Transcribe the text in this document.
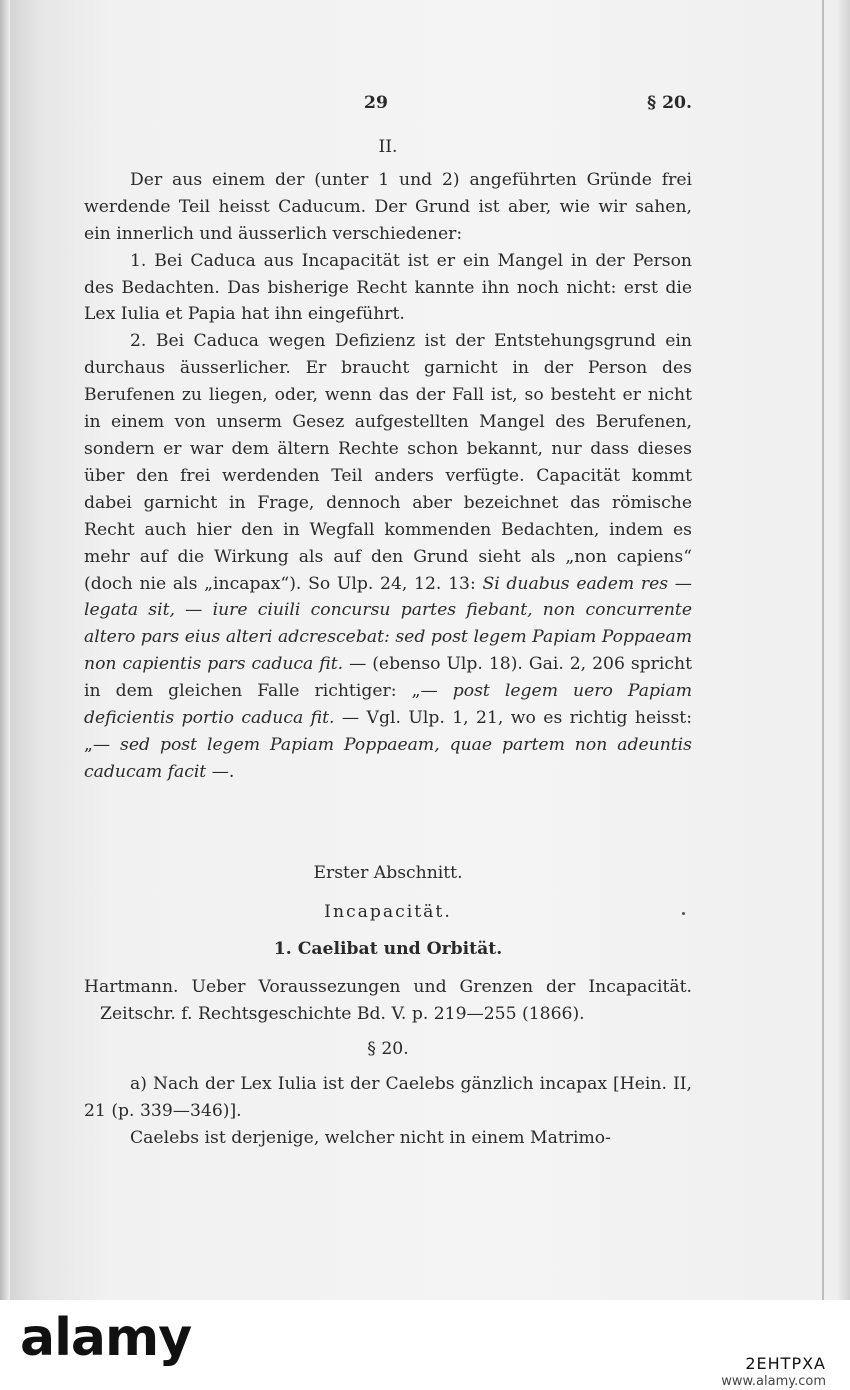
29	§ 20.
II.

Der aus einem der (unter 1 und 2) angeführten Gründe frei werdende Teil heisst Caducum. Der Grund ist aber, wie wir sahen, ein innerlich und äusserlich verschiedener:

1. Bei Caduca aus Incapacität ist er ein Mangel in der Person des Bedachten. Das bisherige Recht kannte ihn noch nicht: erst die Lex Iulia et Papia hat ihn eingeführt.

2. Bei Caduca wegen Defizienz ist der Entstehungsgrund ein durchaus äusserlicher. Er braucht garnicht in der Person des Berufenen zu liegen, oder, wenn das der Fall ist, so besteht er nicht in einem von unserm Gesez aufgestellten Mangel des Berufenen, sondern er war dem ältern Rechte schon bekannt, nur dass dieses über den frei werdenden Teil anders verfügte. Capacität kommt dabei garnicht in Frage, dennoch aber bezeichnet das römische Recht auch hier den in Wegfall kommenden Bedachten, indem es mehr auf die Wirkung als auf den Grund sieht als „non capiens“ (doch nie als „incapax“). So Ulp. 24, 12. 13: Si duabus eadem res — legata sit, — iure ciuili concursu partes fiebant, non concurrente altero pars eius alteri adcrescebat: sed post legem Papiam Poppaeam non capientis pars caduca fit. — (ebenso Ulp. 18). Gai. 2, 206 spricht in dem gleichen Falle richtiger: „— post legem uero Papiam deficientis portio caduca fit. — Vgl. Ulp. 1, 21, wo es richtig heisst: „— sed post legem Papiam Poppaeam, quae partem non adeuntis caducam facit —.

Erster Abschnitt.
Incapacität.
1. Caelibat und Orbität.

Hartmann. Ueber Voraussezungen und Grenzen der Incapacität. Zeitschr. f. Rechtsgeschichte Bd. V. p. 219—255 (1866).

§ 20.

a) Nach der Lex Iulia ist der Caelebs gänzlich incapax [Hein. II, 21 (p. 339—346)].

Caelebs ist derjenige, welcher nicht in einem Matrimo-

alamy	2EHTPXA
www.alamy.com
